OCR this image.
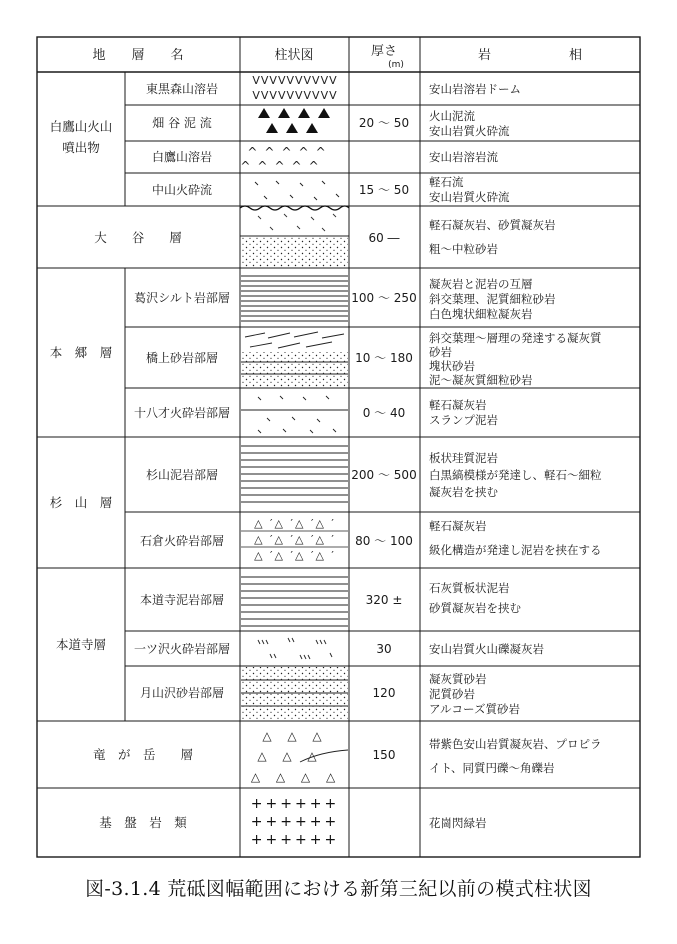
地　　層　　名	柱状図	厚さ
(m)
岩　　　　　　相
白鷹山火山
噴出物
大　　谷　　層
本　郷　層
杉　山　層
本道寺層
竜　が　岳　　層
基　盤　岩　類
東黒森山溶岩
畑 谷 泥 流
白鷹山溶岩
中山火砕流
葛沢シルト岩部層
橋上砂岩部層
十八才火砕岩部層
杉山泥岩部層
石倉火砕岩部層
本道寺泥岩部層
一ツ沢火砕岩部層
月山沢砂岩部層
VVVVVVVVVV
VVVVVVVVVV
^^^^^
^^^^^
△ ′△ ′△ ′△ ′
△ ′△ ′△ ′△ ′
△ ′△ ′△ ′△ ′
△ △ △
△ △ △
△ △ △ △
++++++
++++++
++++++
20 ～ 50
15 ～ 50
60 ―
100 ～ 250
10 ～ 180
0 ～ 40
200 ～ 500
80 ～ 100
320 ±
30
120
150
安山岩溶岩ドーム
火山泥流
安山岩質火砕流
安山岩溶岩流
軽石流
安山岩質火砕流
軽石凝灰岩、砂質凝灰岩
粗～中粒砂岩
凝灰岩と泥岩の互層
斜交葉理、泥質細粒砂岩
白色塊状細粒凝灰岩
斜交葉理～層理の発達する凝灰質
砂岩
塊状砂岩
泥～凝灰質細粒砂岩
軽石凝灰岩
スランプ泥岩
板状珪質泥岩
白黒縞模様が発達し、軽石～細粒
凝灰岩を挟む
軽石凝灰岩
級化構造が発達し泥岩を挟在する
石灰質板状泥岩
砂質凝灰岩を挟む
安山岩質火山礫凝灰岩
凝灰質砂岩
泥質砂岩
アルコーズ質砂岩
帯紫色安山岩質凝灰岩、プロピラ
イト、同質円礫～角礫岩
花崗閃緑岩
図-3.1.4 荒砥図幅範囲における新第三紀以前の模式柱状図
